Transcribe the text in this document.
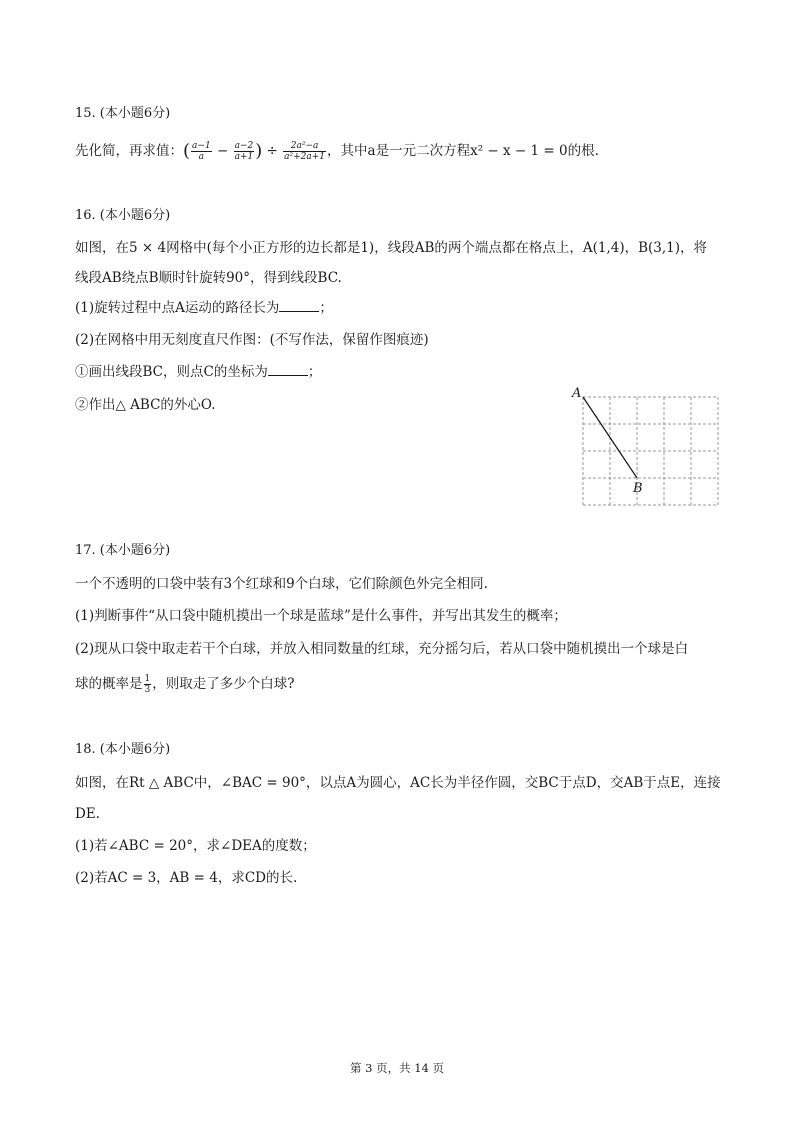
15. (本小题6分)
先化简，再求值：( $\frac{a-1}{a} - \frac{a-2}{a+1}$ ) ÷ $\frac{\text{2a²−a}}{\text{a²+2a+1}}$ ，其中a是一元二次方程x² − x − 1 = 0的根.
16. (本小题6分)
如图，在5 × 4网格中(每个小正方形的边长都是1)，线段AB的两个端点都在格点上，A(1,4)，B(3,1)，将
线段AB绕点B顺时针旋转90°，得到线段BC.
(1)旋转过程中点A运动的路径长为	；
(2)在网格中用无刻度直尺作图：(不写作法，保留作图痕迹)
①画出线段BC，则点C的坐标为	；
②作出△ ABC的外心O.
A
B
17. (本小题6分)
一个不透明的口袋中装有3个红球和9个白球，它们除颜色外完全相同.
(1)判断事件“从口袋中随机摸出一个球是蓝球”是什么事件，并写出其发生的概率；
(2)现从口袋中取走若干个白球，并放入相同数量的红球，充分摇匀后，若从口袋中随机摸出一个球是白
球的概率是 $\frac{1}{3}$ ，则取走了多少个白球?
18. (本小题6分)
如图，在Rt △ ABC中，∠BAC = 90°，以点A为圆心，AC长为半径作圆，交BC于点D，交AB于点E，连接
DE.
(1)若∠ABC = 20°，求∠DEA的度数；
(2)若AC = 3，AB = 4，求CD的长.
第 3 页，共 14 页
